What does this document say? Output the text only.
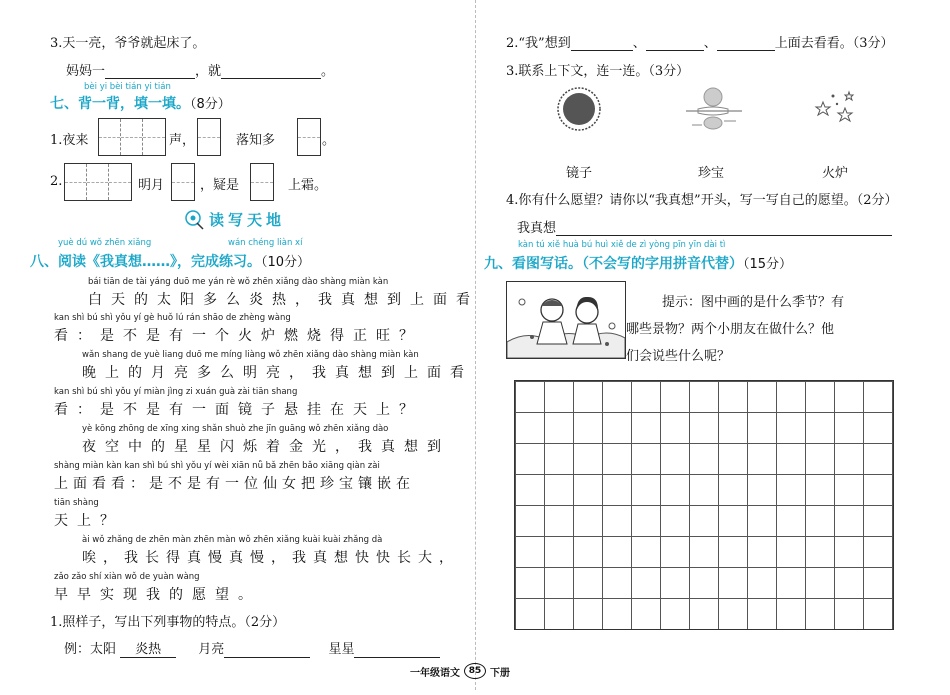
3.天一亮，爷爷就起床了。
妈妈一	，就	。
bèi yi bèi tián yi tián
七、背一背，填一填。（8分）
1.夜来	声，	落知多	。
2.	明月	，疑是	上霜。
读写天地
yuè dú wǒ zhēn xiǎng	wán chéng liàn xí
八、阅读《我真想……》，完成练习。（10分）
bái tiān de tài yáng duō me yán rè wǒ zhēn xiǎng dào shàng miàn kàn
白天的太阳多么炎热，我真想到上面看
kan shì bú shì yǒu yí gè huǒ lú rán shāo de zhèng wàng
看：是不是有一个火炉燃烧得正旺？
wǎn shang de yuè liang duō me míng liàng wǒ zhēn xiǎng dào shàng miàn kàn
晚上的月亮多么明亮，我真想到上面看
kan shì bú shì yǒu yí miàn jìng zi xuán guà zài tiān shang
看：是不是有一面镜子悬挂在天上？
yè kōng zhōng de xīng xing shǎn shuò zhe jīn guāng wǒ zhēn xiǎng dào
夜空中的星星闪烁着金光，我真想到
shàng miàn kàn kan shì bú shì yǒu yí wèi xiān nǚ bǎ zhēn bǎo xiāng qiàn zài
上面看看：是不是有一位仙女把珍宝镶嵌在
tiān shàng
天上？
ài wǒ zhǎng de zhēn màn zhēn màn wǒ zhēn xiǎng kuài kuài zhǎng dà
唉，我长得真慢真慢，我真想快快长大，
zǎo zǎo shí xiàn wǒ de yuàn wàng
早早实现我的愿望。
1.照样子，写出下列事物的特点。（2分）
例：太阳 炎热	月亮	星星
2.“我”想到	、	、	上面去看看。（3分）
3.联系上下文，连一连。（3分）
镜子	珍宝	火炉
4.你有什么愿望？请你以“我真想”开头，写一写自己的愿望。（2分）
我真想
kàn tú xiě huà bú huì xiě de zì yòng pīn yīn dài tì
九、看图写话。（不会写的字用拼音代替）（15分）
提示：图中画的是什么季节？有
哪些景物？两个小朋友在做什么？他
们会说些什么呢？
一年级语文 85 下册
